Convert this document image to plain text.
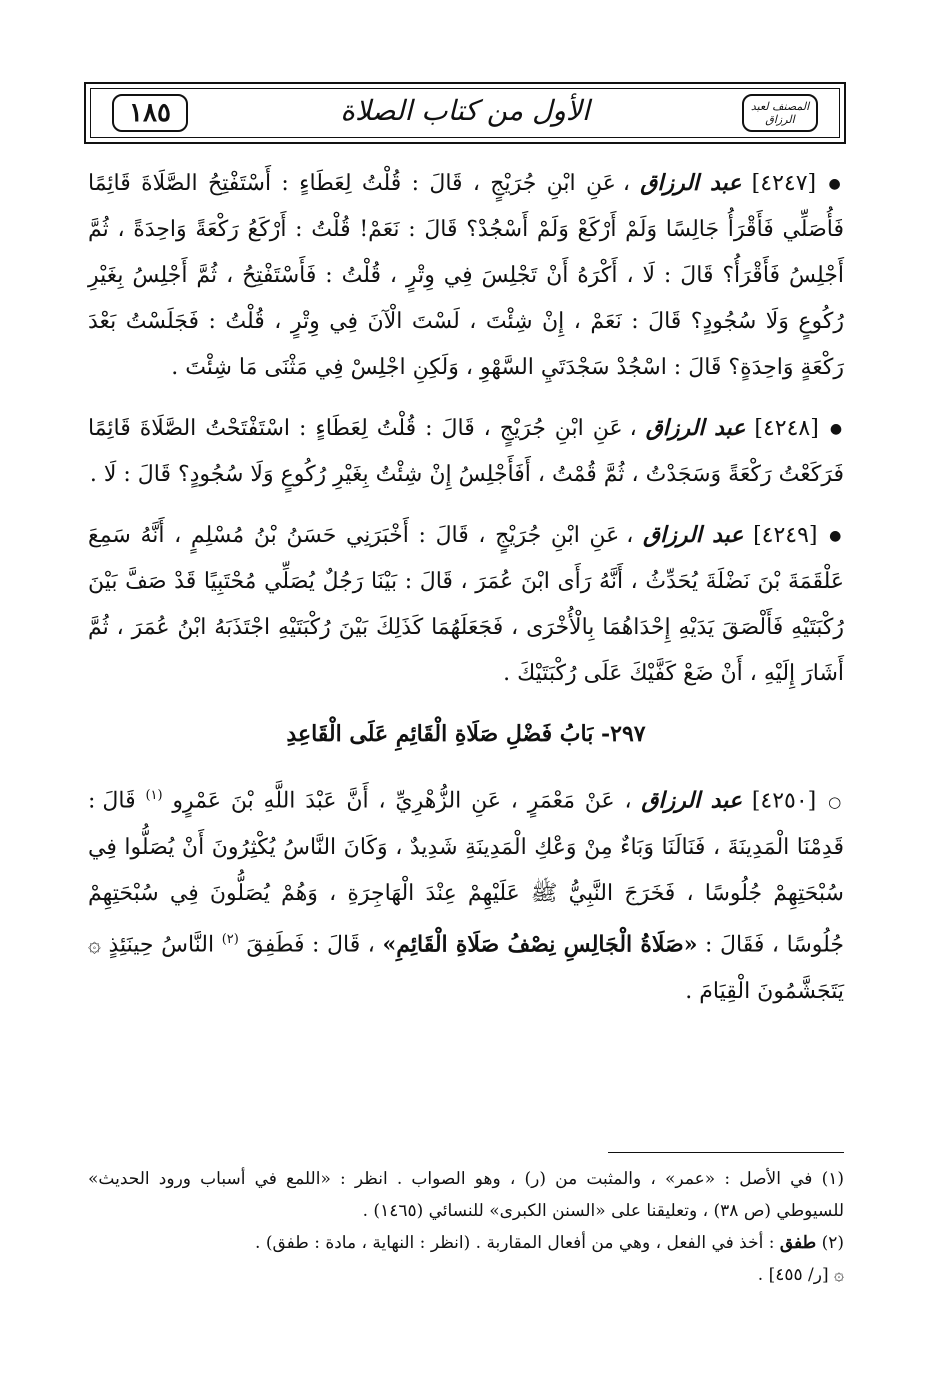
١٨٥	الأول من كتاب الصلاة	المصنف لعبد الرزاق

● [٤٢٤٧] عبد الرزاق ، عَنِ ابْنِ جُرَيْجٍ ، قَالَ : قُلْتُ لِعَطَاءٍ : أَسْتَفْتِحُ الصَّلَاةَ قَائِمًا فَأُصَلِّي فَأَقْرَأُ جَالِسًا وَلَمْ أَرْكَعْ وَلَمْ أَسْجُدْ؟ قَالَ : نَعَمْ! قُلْتُ : أَرْكَعُ رَكْعَةً وَاحِدَةً ، ثُمَّ أَجْلِسُ فَأَقْرَأُ؟ قَالَ : لَا ، أَكْرَهُ أَنْ تَجْلِسَ فِي وِتْرٍ ، قُلْتُ : فَأَسْتَفْتِحُ ، ثُمَّ أَجْلِسُ بِغَيْرِ رُكُوعٍ وَلَا سُجُودٍ؟ قَالَ : نَعَمْ ، إِنْ شِئْتَ ، لَسْتَ الْآنَ فِي وِتْرٍ ، قُلْتُ : فَجَلَسْتُ بَعْدَ رَكْعَةٍ وَاحِدَةٍ؟ قَالَ : اسْجُدْ سَجْدَتَيِ السَّهْوِ ، وَلَكِنِ اجْلِسْ فِي مَثْنَى مَا شِئْتَ .

● [٤٢٤٨] عبد الرزاق ، عَنِ ابْنِ جُرَيْجٍ ، قَالَ : قُلْتُ لِعَطَاءٍ : اسْتَفْتَحْتُ الصَّلَاةَ قَائِمًا فَرَكَعْتُ رَكْعَةً وَسَجَدْتُ ، ثُمَّ قُمْتُ ، أَفَأَجْلِسُ إِنْ شِئْتُ بِغَيْرِ رُكُوعٍ وَلَا سُجُودٍ؟ قَالَ : لَا .

● [٤٢٤٩] عبد الرزاق ، عَنِ ابْنِ جُرَيْجٍ ، قَالَ : أَخْبَرَنِي حَسَنُ بْنُ مُسْلِمٍ ، أَنَّهُ سَمِعَ عَلْقَمَةَ بْنَ نَضْلَةَ يُحَدِّثُ ، أَنَّهُ رَأَى ابْنَ عُمَرَ ، قَالَ : بَيْنَا رَجُلٌ يُصَلِّي مُحْتَبِيًا قَدْ صَفَّ بَيْنَ رُكْبَتَيْهِ فَأَلْصَقَ يَدَيْهِ إِحْدَاهُمَا بِالْأُخْرَى ، فَجَعَلَهُمَا كَذَلِكَ بَيْنَ رُكْبَتَيْهِ اجْتَذَبَهُ ابْنُ عُمَرَ ، ثُمَّ أَشَارَ إِلَيْهِ ، أَنْ ضَعْ كَفَّيْكَ عَلَى رُكْبَتَيْكَ .

٢٩٧- بَابُ فَضْلِ صَلَاةِ الْقَائِمِ عَلَى الْقَاعِدِ

○ [٤٢٥٠] عبد الرزاق ، عَنْ مَعْمَرٍ ، عَنِ الزُّهْرِيِّ ، أَنَّ عَبْدَ اللَّهِ بْنَ عَمْرٍو $^{(١)}$ قَالَ : قَدِمْنَا الْمَدِينَةَ ، فَنَالَنَا وَبَاءٌ مِنْ وَعْكِ الْمَدِينَةِ شَدِيدٌ ، وَكَانَ النَّاسُ يُكْثِرُونَ أَنْ يُصَلُّوا فِي سُبْحَتِهِمْ جُلُوسًا ، فَخَرَجَ النَّبِيُّ ﷺ عَلَيْهِمْ عِنْدَ الْهَاجِرَةِ ، وَهُمْ يُصَلُّونَ فِي سُبْحَتِهِمْ جُلُوسًا ، فَقَالَ : «صَلَاةُ الْجَالِسِ نِصْفُ صَلَاةِ الْقَائِمِ» ، قَالَ : فَطَفِقَ $^{(٢)}$ النَّاسُ حِينَئِذٍ ۞ يَتَجَشَّمُونَ الْقِيَامَ .

(١) في الأصل : «عمر» ، والمثبت من (ر) ، وهو الصواب . انظر : «اللمع في أسباب ورود الحديث» للسيوطي (ص ٣٨) ، وتعليقنا على «السنن الكبرى» للنسائي (١٤٦٥) .
(٢) طفق : أخذ في الفعل ، وهي من أفعال المقاربة . (انظر : النهاية ، مادة : طفق) .
۞ [ر/ ٤٥٥] .
